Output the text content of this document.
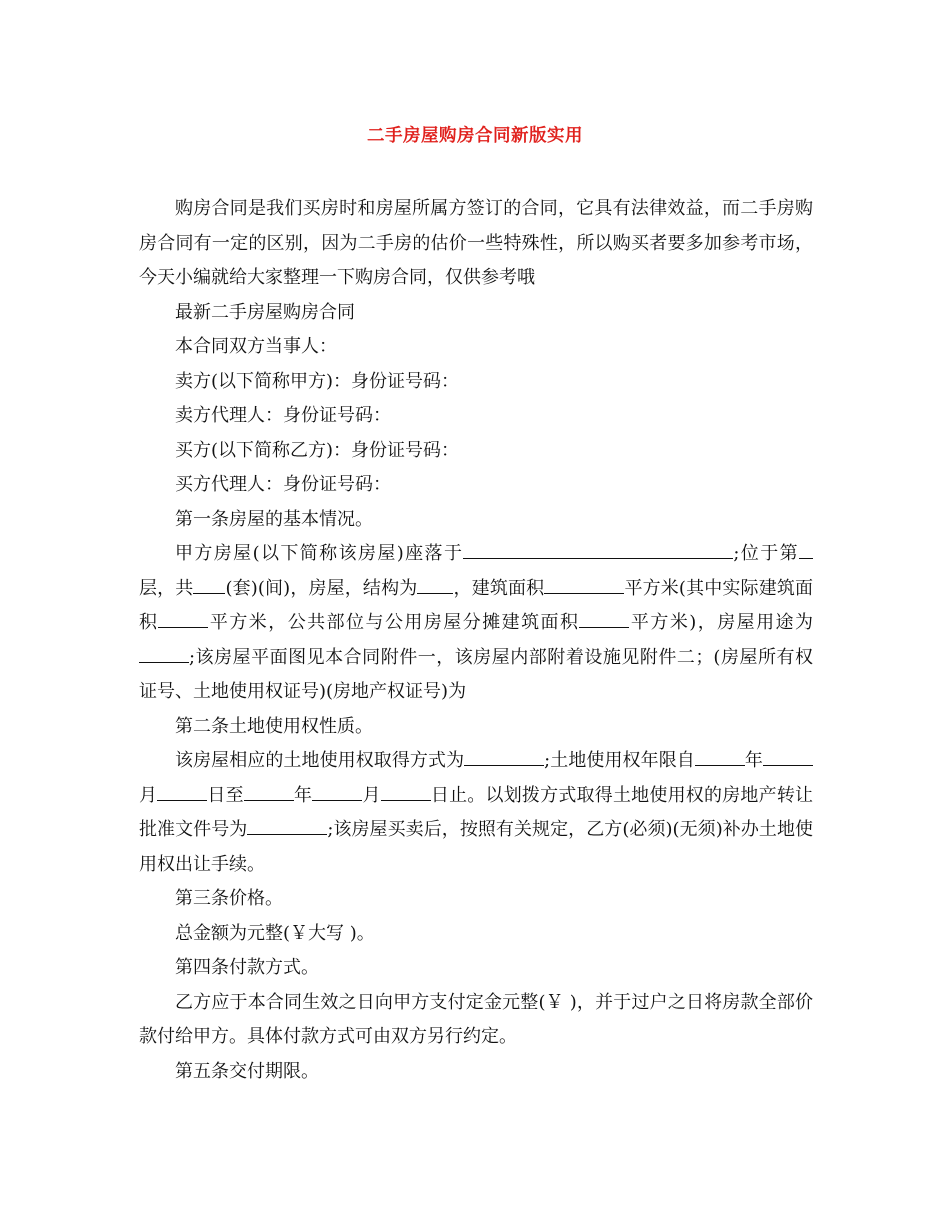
二手房屋购房合同新版实用

购房合同是我们买房时和房屋所属方签订的合同，它具有法律效益，而二手房购房合同有一定的区别，因为二手房的估价一些特殊性，所以购买者要多加参考市场，今天小编就给大家整理一下购房合同，仅供参考哦

最新二手房屋购房合同

本合同双方当事人：

卖方(以下简称甲方)：身份证号码：

卖方代理人：身份证号码：

买方(以下简称乙方)：身份证号码：

买方代理人：身份证号码：

第一条房屋的基本情况。

甲方房屋(以下简称该房屋)座落于	;位于第层，共 (套)(间)，房屋，结构为 ，建筑面积	平方米(其中实际建筑面积	平方米，公共部位与公用房屋分摊建筑面积	平方米)，房屋用途为;该房屋平面图见本合同附件一，该房屋内部附着设施见附件二；(房屋所有权证号、土地使用权证号)(房地产权证号)为

第二条土地使用权性质。

该房屋相应的土地使用权取得方式为	;土地使用权年限自	年月	日至	年	月	日止。以划拨方式取得土地使用权的房地产转让批准文件号为	;该房屋买卖后，按照有关规定，乙方(必须)(无须)补办土地使用权出让手续。

第三条价格。

总金额为元整(￥大写 )。

第四条付款方式。

乙方应于本合同生效之日向甲方支付定金元整(￥ )，并于过户之日将房款全部价款付给甲方。具体付款方式可由双方另行约定。

第五条交付期限。
